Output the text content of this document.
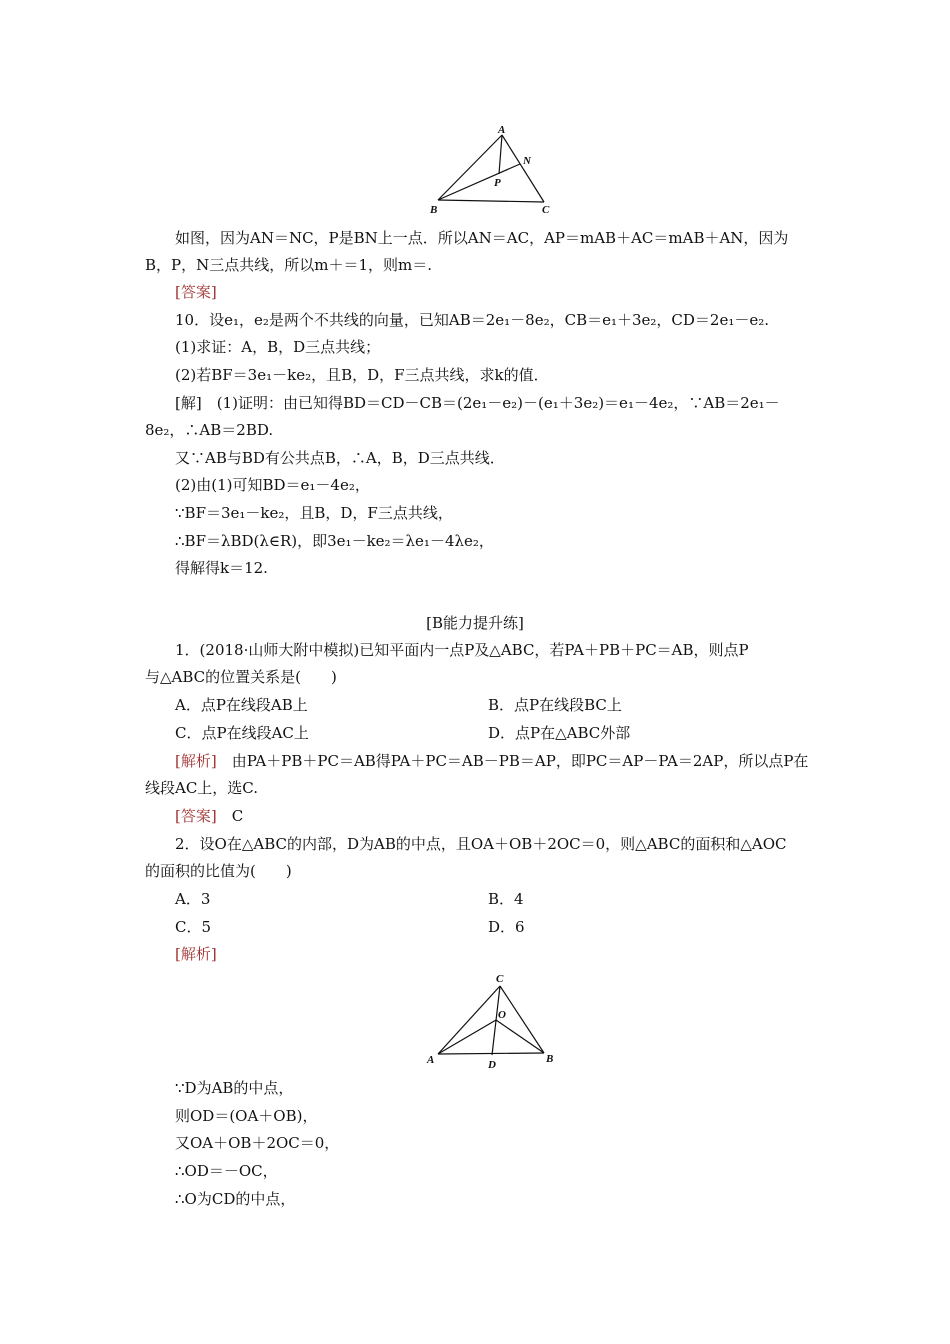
A
N
P
B	C
如图，因为AN＝NC，P是BN上一点．所以AN＝AC，AP＝mAB＋AC＝mAB＋AN，因为
B，P，N三点共线，所以m＋＝1，则m＝.
[答案]
10．设e₁，e₂是两个不共线的向量，已知AB＝2e₁－8e₂，CB＝e₁＋3e₂，CD＝2e₁－e₂.
(1)求证：A，B，D三点共线；
(2)若BF＝3e₁－ke₂，且B，D，F三点共线，求k的值．
[解]　(1)证明：由已知得BD＝CD－CB＝(2e₁－e₂)－(e₁＋3e₂)＝e₁－4e₂，∵AB＝2e₁－
8e₂，∴AB＝2BD.
又∵AB与BD有公共点B，∴A，B，D三点共线．
(2)由(1)可知BD＝e₁－4e₂，
∵BF＝3e₁－ke₂，且B，D，F三点共线，
∴BF＝λBD(λ∈R)，即3e₁－ke₂＝λe₁－4λe₂，
得解得k＝12.
[B能力提升练]
1．(2018·山师大附中模拟)已知平面内一点P及△ABC，若PA＋PB＋PC＝AB，则点P
与△ABC的位置关系是(　　)
A．点P在线段AB上	B．点P在线段BC上
C．点P在线段AC上	D．点P在△ABC外部
[解析]　由PA＋PB＋PC＝AB得PA＋PC＝AB－PB＝AP，即PC＝AP－PA＝2AP，所以点P在
线段AC上，选C.
[答案]　C
2．设O在△ABC的内部，D为AB的中点，且OA＋OB＋2OC＝0，则△ABC的面积和△AOC
的面积的比值为(　　)
A．3	B．4
C．5	D．6
[解析]
C
O
A	D	B
∵D为AB的中点，
则OD＝(OA＋OB)，
又OA＋OB＋2OC＝0，
∴OD＝－OC，
∴O为CD的中点，
